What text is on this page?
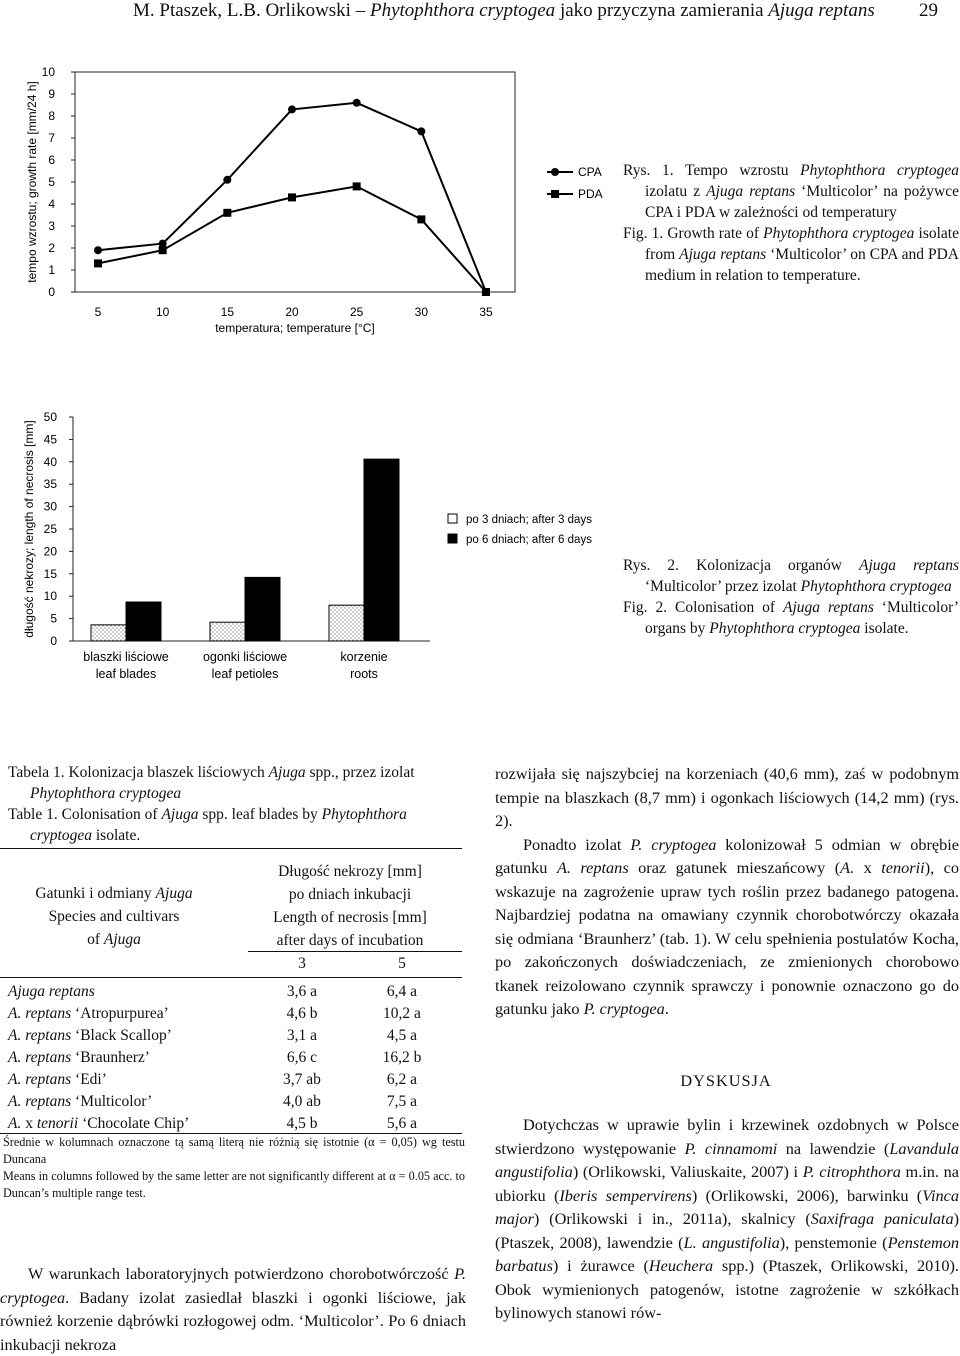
M. Ptaszek, L.B. Orlikowski – Phytophthora cryptogea jako przyczyna zamierania Ajuga reptans 29
0
1
2
3
4
5
6
7
8
9
10
5	10	15	20	25	30	35
temperatura; temperature [°C]
tempo wzrostu; growth rate [mm/24 h]	CPA
PDA

Rys. 1. Tempo wzrostu Phytophthora cryptogea izolatu z Ajuga reptans ‘Multicolor’ na pożywce CPA i PDA w zależności od temperatury

Fig. 1. Growth rate of Phytophthora cryptogea isolate from Ajuga reptans ‘Multicolor’ on CPA and PDA medium in relation to temperature.

0
5
10
15
20
25
30
35
40
45
50
długość nekrozy; length of necrosis [mm]
blaszki liściowe
leaf blades
ogonki liściowe
leaf petioles
korzenie
roots
po 3 dniach; after 3 days
po 6 dniach; after 6 days

Rys. 2. Kolonizacja organów Ajuga reptans ‘Multicolor’ przez izolat Phytophthora cryptogea

Fig. 2. Colonisation of Ajuga reptans ‘Multicolor’ organs by Phytophthora cryptogea isolate.

Tabela 1. Kolonizacja blaszek liściowych Ajuga spp., przez izolat Phytophthora cryptogea

Table 1. Colonisation of Ajuga spp. leaf blades by Phytophthora cryptogea isolate.

Gatunki i odmiany Ajuga
Species and cultivars
of Ajuga
Długość nekrozy [mm]
po dniach inkubacji
Length of necrosis [mm]
after days of incubation
3	5
Ajuga reptans	3,6 a	6,4 a
A. reptans ‘Atropurpurea’	4,6 b	10,2 a
A. reptans ‘Black Scallop’	3,1 a	4,5 a
A. reptans ‘Braunherz’	6,6 c	16,2 b
A. reptans ‘Edi’	3,7 ab	6,2 a
A. reptans ‘Multicolor’	4,0 ab	7,5 a
A. x tenorii ‘Chocolate Chip’	4,5 b	5,6 a

Średnie w kolumnach oznaczone tą samą literą nie różnią się istotnie (α = 0,05) wg testu Duncana

Means in columns followed by the same letter are not significantly different at α = 0.05 acc. to Duncan’s multiple range test.

W warunkach laboratoryjnych potwierdzono chorobotwórczość P. cryptogea. Badany izolat zasiedlał blaszki i ogonki liściowe, jak również korzenie dąbrówki rozłogowej odm. ‘Multicolor’. Po 6 dniach inkubacji nekroza

rozwijała się najszybciej na korzeniach (40,6 mm), zaś w podobnym tempie na blaszkach (8,7 mm) i ogonkach liściowych (14,2 mm) (rys. 2).

Ponadto izolat P. cryptogea kolonizował 5 odmian w obrębie gatunku A. reptans oraz gatunek mieszańcowy (A. x tenorii), co wskazuje na zagrożenie upraw tych roślin przez badanego patogena. Najbardziej podatna na omawiany czynnik chorobotwórczy okazała się odmiana ‘Braunherz’ (tab. 1). W celu spełnienia postulatów Kocha, po zakończonych doświadczeniach, ze zmienionych chorobowo tkanek reizolowano czynnik sprawczy i ponownie oznaczono go do gatunku jako P. cryptogea.

DYSKUSJA

Dotychczas w uprawie bylin i krzewinek ozdobnych w Polsce stwierdzono występowanie P. cinnamomi na lawendzie (Lavandula angustifolia) (Orlikowski, Valiuskaite, 2007) i P. citrophthora m.in. na ubiorku (Iberis sempervirens) (Orlikowski, 2006), barwinku (Vinca major) (Orlikowski i in., 2011a), skalnicy (Saxifraga paniculata) (Ptaszek, 2008), lawendzie (L. angustifolia), penstemonie (Penstemon barbatus) i żurawce (Heuchera spp.) (Ptaszek, Orlikowski, 2010). Obok wymienionych patogenów, istotne zagrożenie w szkółkach bylinowych stanowi rów-
